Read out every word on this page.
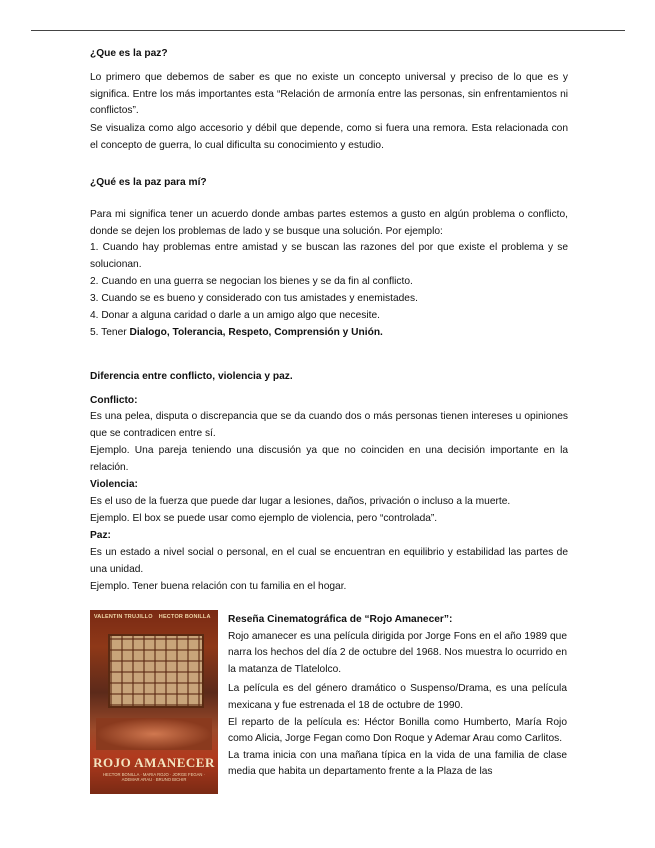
¿Que es la paz?

Lo primero que debemos de saber es que no existe un concepto universal y preciso de lo que es y significa. Entre los más importantes esta “Relación de armonía entre las personas, sin enfrentamientos ni conflictos”.

Se visualiza como algo accesorio y débil que depende, como si fuera una remora. Esta relacionada con el concepto de guerra, lo cual dificulta su conocimiento y estudio.

¿Qué es la paz para mí?

Para mi significa tener un acuerdo donde ambas partes estemos a gusto en algún problema o conflicto, donde se dejen los problemas de lado y se busque una solución. Por ejemplo:

1. Cuando hay problemas entre amistad y se buscan las razones del por que existe el problema y se solucionan.

2. Cuando en una guerra se negocian los bienes y se da fin al conflicto.

3. Cuando se es bueno y considerado con tus amistades y enemistades.

4. Donar a alguna caridad o darle a un amigo algo que necesite.

5. Tener Dialogo, Tolerancia, Respeto, Comprensión y Unión.

Diferencia entre conflicto, violencia y paz.

Conflicto:

Es una pelea, disputa o discrepancia que se da cuando dos o más personas tienen intereses u opiniones que se contradicen entre sí.

Ejemplo. Una pareja teniendo una discusión ya que no coinciden en una decisión importante en la relación.

Violencia:

Es el uso de la fuerza que puede dar lugar a lesiones, daños, privación o incluso a la muerte.

Ejemplo. El box se puede usar como ejemplo de violencia, pero “controlada”.

Paz:

Es un estado a nivel social o personal, en el cual se encuentran en equilibrio y estabilidad las partes de una unidad.

Ejemplo. Tener buena relación con tu familia en el hogar.

VALENTIN TRUJILLO HECTOR BONILLA
ROJO AMANECER
HECTOR BONILLA · MARIA ROJO · JORGE FEGAN · ADEMAR ARAU · BRUNO BICHIR

Reseña Cinematográfica de “Rojo Amanecer”:

Rojo amanecer es una película dirigida por Jorge Fons en el año 1989 que narra los hechos del día 2 de octubre del 1968. Nos muestra lo ocurrido en la matanza de Tlatelolco.

La película es del género dramático o Suspenso/Drama, es una película mexicana y fue estrenada el 18 de octubre de 1990.

El reparto de la película es: Héctor Bonilla como Humberto, María Rojo como Alicia, Jorge Fegan como Don Roque y Ademar Arau como Carlitos.

La trama inicia con una mañana típica en la vida de una familia de clase media que habita un departamento frente a la Plaza de las
